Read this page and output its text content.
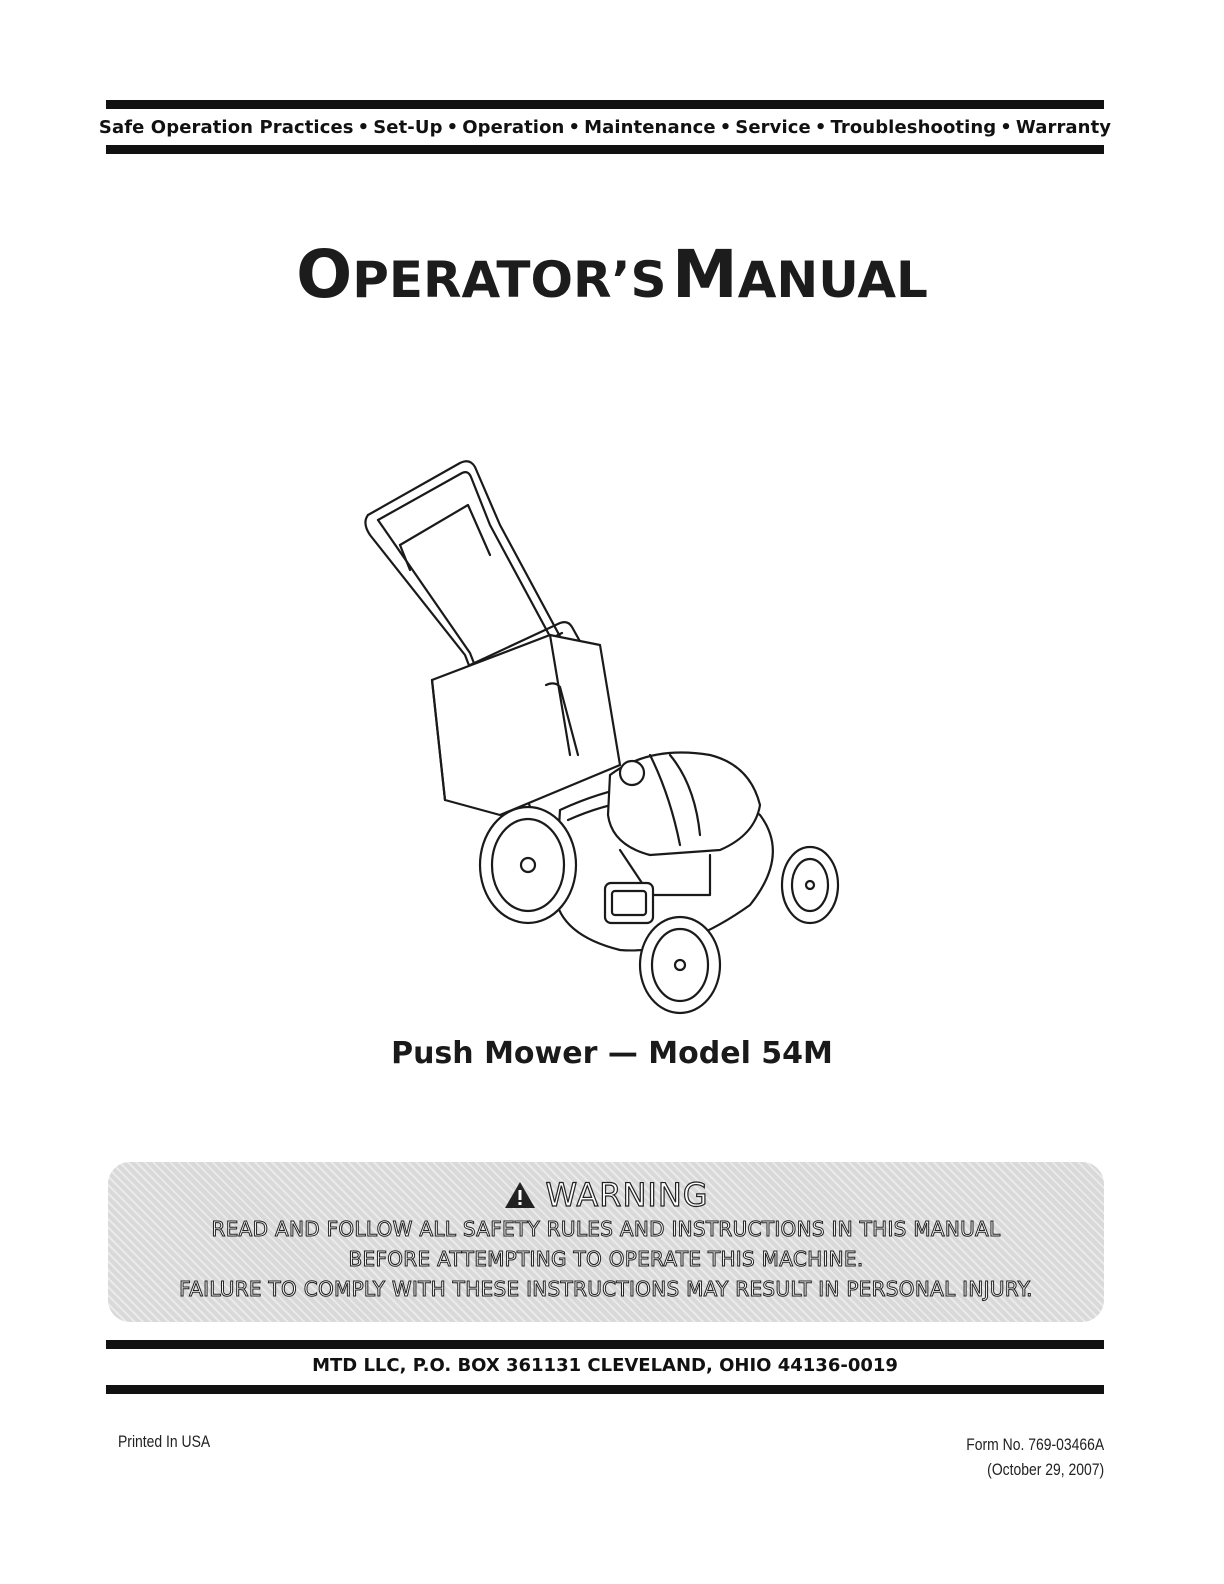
Safe Operation Practices • Set-Up • Operation • Maintenance • Service • Troubleshooting • Warranty
OPERATOR’S MANUAL
Push Mower — Model 54M
WARNING
READ AND FOLLOW ALL SAFETY RULES AND INSTRUCTIONS IN THIS MANUAL
BEFORE ATTEMPTING TO OPERATE THIS MACHINE.
FAILURE TO COMPLY WITH THESE INSTRUCTIONS MAY RESULT IN PERSONAL INJURY.
MTD LLC, P.O. BOX 361131 CLEVELAND, OHIO 44136-0019
Printed In USA	Form No. 769-03466A
(October 29, 2007)
